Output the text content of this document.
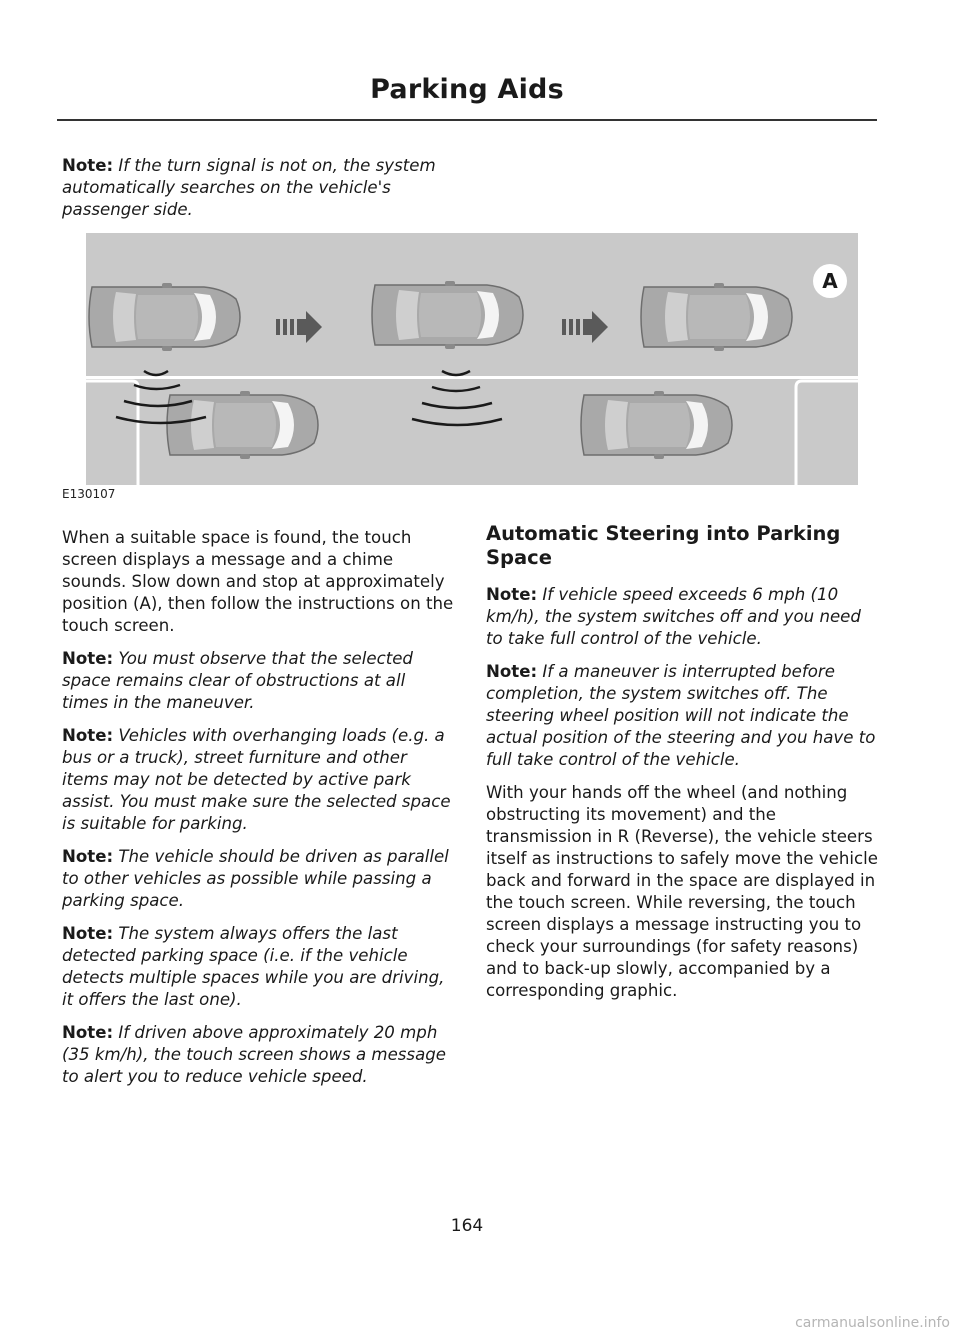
Parking Aids

Note: If the turn signal is not on, the system automatically searches on the vehicle's passenger side.

A
E130107

When a suitable space is found, the touch screen displays a message and a chime sounds. Slow down and stop at approximately position (A), then follow the instructions on the touch screen.

Note: You must observe that the selected space remains clear of obstructions at all times in the maneuver.

Note: Vehicles with overhanging loads (e.g. a bus or a truck), street furniture and other items may not be detected by active park assist. You must make sure the selected space is suitable for parking.

Note: The vehicle should be driven as parallel to other vehicles as possible while passing a parking space.

Note: The system always offers the last detected parking space (i.e. if the vehicle detects multiple spaces while you are driving, it offers the last one).

Note: If driven above approximately 20 mph (35 km/h), the touch screen shows a message to alert you to reduce vehicle speed.

Automatic Steering into Parking Space

Note: If vehicle speed exceeds 6 mph (10 km/h), the system switches off and you need to take full control of the vehicle.

Note: If a maneuver is interrupted before completion, the system switches off. The steering wheel position will not indicate the actual position of the steering and you have to full take control of the vehicle.

With your hands off the wheel (and nothing obstructing its movement) and the transmission in R (Reverse), the vehicle steers itself as instructions to safely move the vehicle back and forward in the space are displayed in the touch screen. While reversing, the touch screen displays a message instructing you to check your surroundings (for safety reasons) and to back-up slowly, accompanied by a corresponding graphic.

164
carmanualsonline.info
